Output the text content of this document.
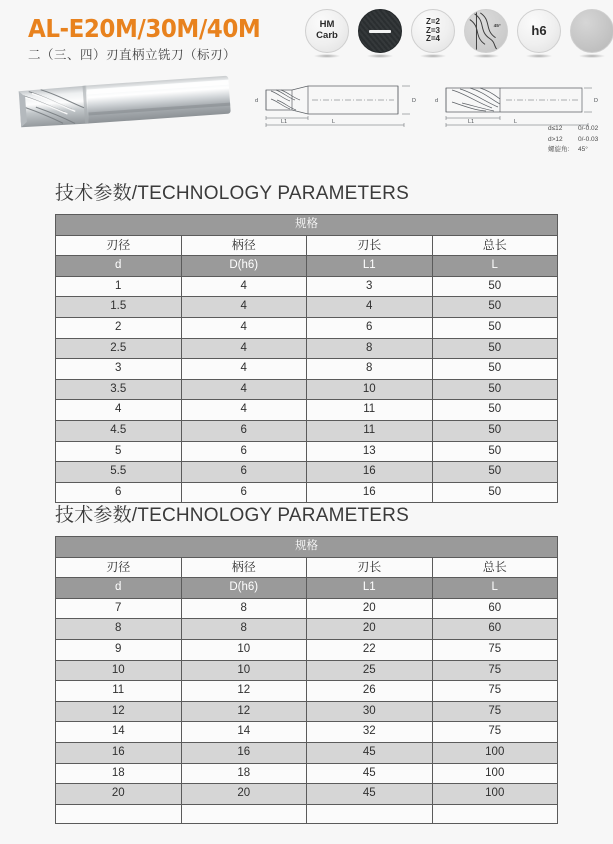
AL-E20M/30M/40M
二（三、四）刃直柄立铣刀（标刃）
HM
Carb
Z=2
Z=3
Z=4
45° h6
d	D
L1	L
d	D
L1	L
d≤12 0/-0.02
d>12 0/-0.03
螺旋角: 45°
技术参数/TECHNOLOGY PARAMETERS
规格			
刃径	柄径	刃长	总长
d	D(h6)	L1	L
1	4	3	50
1.5	4	4	50
2	4	6	50
2.5	4	8	50
3	4	8	50
3.5	4	10	50
4	4	11	50
4.5	6	11	50
5	6	13	50
5.5	6	16	50
6	6	16	50
技术参数/TECHNOLOGY PARAMETERS
规格			
刃径	柄径	刃长	总长
d	D(h6)	L1	L
7	8	20	60
8	8	20	60
9	10	22	75
10	10	25	75
11	12	26	75
12	12	30	75
14	14	32	75
16	16	45	100
18	18	45	100
20	20	45	100
